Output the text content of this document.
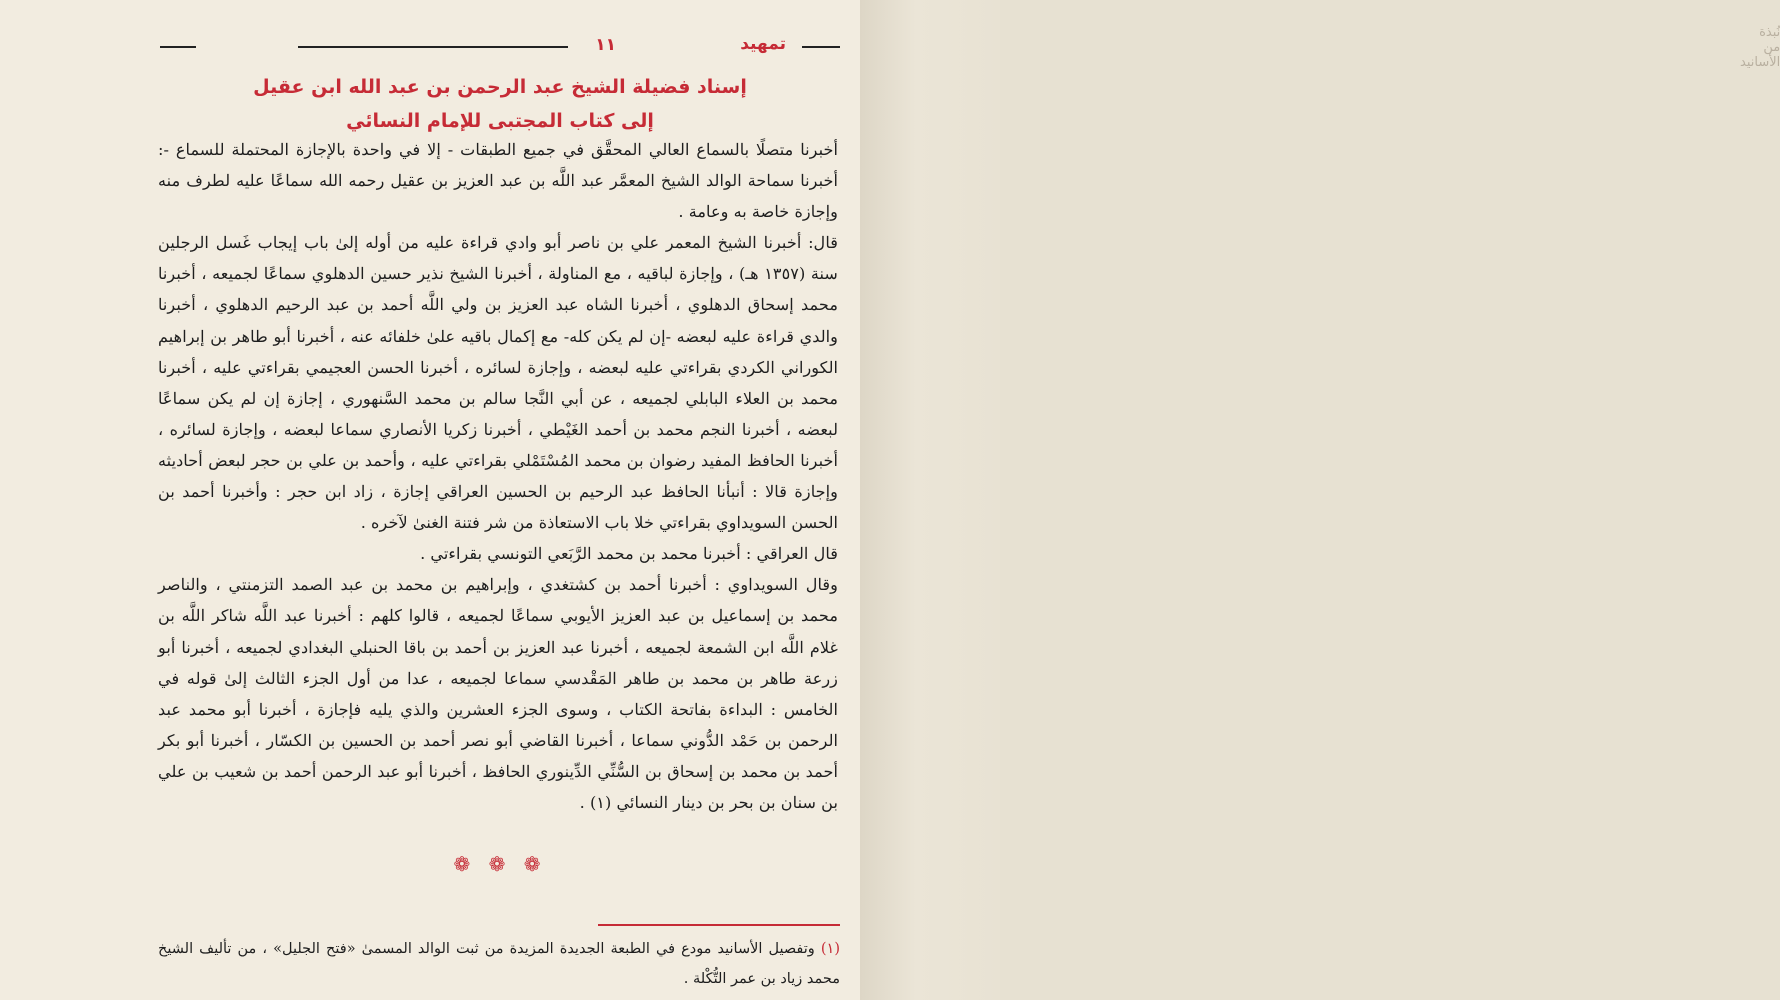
تمهيد
١١
إسناد فضيلة الشيخ عبد الرحمن بن عبد الله ابن عقيل
إلى كتاب المجتبى للإمام النسائي

أخبرنا متصلًا بالسماع العالي المحقَّق في جميع الطبقات - إلا في واحدة بالإجازة المحتملة للسماع -: أخبرنا سماحة الوالد الشيخ المعمَّر عبد اللَّه بن عبد العزيز بن عقيل رحمه الله سماعًا عليه لطرف منه وإجازة خاصة به وعامة .

قال: أخبرنا الشيخ المعمر علي بن ناصر أبو وادي قراءة عليه من أوله إلىٰ باب إيجاب غَسل الرجلين سنة (١٣٥٧ هـ) ، وإجازة لباقيه ، مع المناولة ، أخبرنا الشيخ نذير حسين الدهلوي سماعًا لجميعه ، أخبرنا محمد إسحاق الدهلوي ، أخبرنا الشاه عبد العزيز بن ولي اللَّه أحمد بن عبد الرحيم الدهلوي ، أخبرنا والدي قراءة عليه لبعضه -إن لم يكن كله- مع إكمال باقيه علىٰ خلفائه عنه ، أخبرنا أبو طاهر بن إبراهيم الكوراني الكردي بقراءتي عليه لبعضه ، وإجازة لسائره ، أخبرنا الحسن العجيمي بقراءتي عليه ، أخبرنا محمد بن العلاء البابلي لجميعه ، عن أبي النَّجا سالم بن محمد السَّنهوري ، إجازة إن لم يكن سماعًا لبعضه ، أخبرنا النجم محمد بن أحمد الغَيْطي ، أخبرنا زكريا الأنصاري سماعا لبعضه ، وإجازة لسائره ، أخبرنا الحافظ المفيد رضوان بن محمد المُسْتَمْلي بقراءتي عليه ، وأحمد بن علي بن حجر لبعض أحاديثه وإجازة قالا : أنبأنا الحافظ عبد الرحيم بن الحسين العراقي إجازة ، زاد ابن حجر : وأخبرنا أحمد بن الحسن السويداوي بقراءتي خلا باب الاستعاذة من شر فتنة الغنىٰ لآخره .

قال العراقي : أخبرنا محمد بن محمد الرَّبَعي التونسي بقراءتي .

وقال السويداوي : أخبرنا أحمد بن كشتغدي ، وإبراهيم بن محمد بن عبد الصمد التزمنتي ، والناصر محمد بن إسماعيل بن عبد العزيز الأيوبي سماعًا لجميعه ، قالوا كلهم : أخبرنا عبد اللَّه شاكر اللَّه بن غلام اللَّه ابن الشمعة لجميعه ، أخبرنا عبد العزيز بن أحمد بن باقا الحنبلي البغدادي لجميعه ، أخبرنا أبو زرعة طاهر بن محمد بن طاهر المَقْدسي سماعا لجميعه ، عدا من أول الجزء الثالث إلىٰ قوله في الخامس : البداءة بفاتحة الكتاب ، وسوى الجزء العشرين والذي يليه فإجازة ، أخبرنا أبو محمد عبد الرحمن بن حَمْد الدُّوني سماعا ، أخبرنا القاضي أبو نصر أحمد بن الحسين بن الكسّار ، أخبرنا أبو بكر أحمد بن محمد بن إسحاق بن السُّنِّي الدِّينوري الحافظ ، أخبرنا أبو عبد الرحمن أحمد بن شعيب بن علي بن سنان بن بحر بن دينار النسائي (١) .

❁ ❁ ❁

(١) وتفصيل الأسانيد مودع في الطبعة الجديدة المزيدة من ثبت الوالد المسمىٰ «فتح الجليل» ، من تأليف الشيخ محمد زياد بن عمر التُّكْلة .

نُبذة من الأسانيد
